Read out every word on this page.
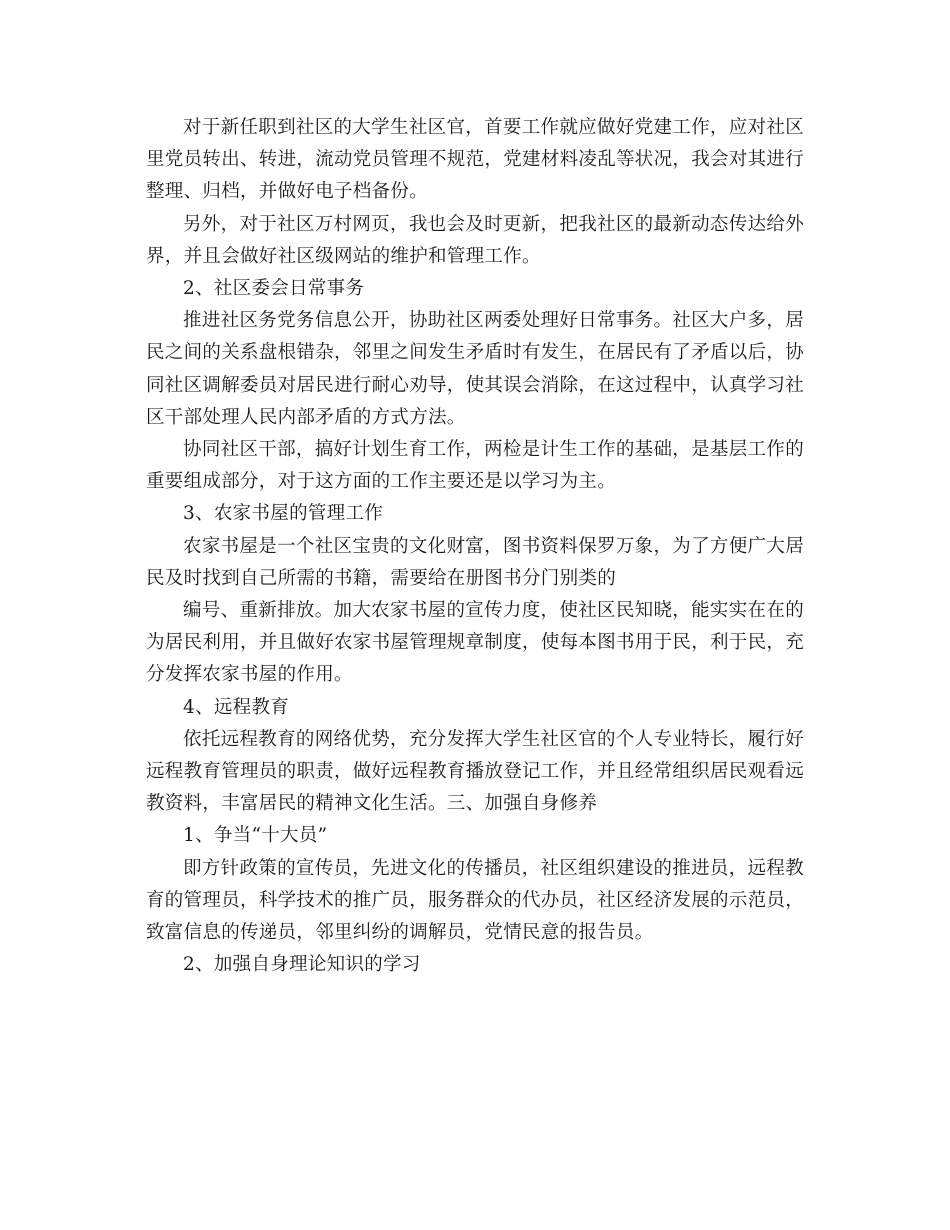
对于新任职到社区的大学生社区官，首要工作就应做好党建工作，应对社区里党员转出、转进，流动党员管理不规范，党建材料凌乱等状况，我会对其进行整理、归档，并做好电子档备份。

另外，对于社区万村网页，我也会及时更新，把我社区的最新动态传达给外界，并且会做好社区级网站的维护和管理工作。

2、社区委会日常事务

推进社区务党务信息公开，协助社区两委处理好日常事务。社区大户多，居民之间的关系盘根错杂，邻里之间发生矛盾时有发生，在居民有了矛盾以后，协同社区调解委员对居民进行耐心劝导，使其误会消除，在这过程中，认真学习社区干部处理人民内部矛盾的方式方法。

协同社区干部，搞好计划生育工作，两检是计生工作的基础，是基层工作的重要组成部分，对于这方面的工作主要还是以学习为主。

3、农家书屋的管理工作

农家书屋是一个社区宝贵的文化财富，图书资料保罗万象，为了方便广大居民及时找到自己所需的书籍，需要给在册图书分门别类的

编号、重新排放。加大农家书屋的宣传力度，使社区民知晓，能实实在在的为居民利用，并且做好农家书屋管理规章制度，使每本图书用于民，利于民，充分发挥农家书屋的作用。

4、远程教育

依托远程教育的网络优势，充分发挥大学生社区官的个人专业特长，履行好远程教育管理员的职责，做好远程教育播放登记工作，并且经常组织居民观看远教资料，丰富居民的精神文化生活。三、加强自身修养

1、争当“十大员”

即方针政策的宣传员，先进文化的传播员，社区组织建设的推进员，远程教育的管理员，科学技术的推广员，服务群众的代办员，社区经济发展的示范员，致富信息的传递员，邻里纠纷的调解员，党情民意的报告员。

2、加强自身理论知识的学习
